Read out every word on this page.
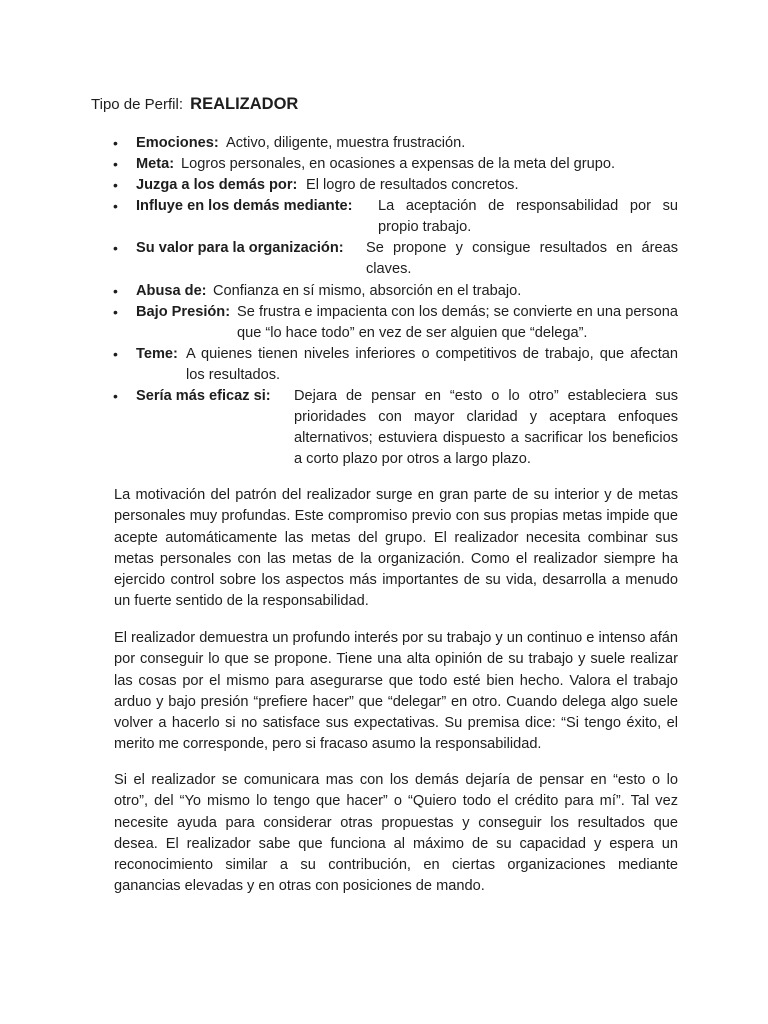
Tipo de Perfil: REALIZADOR
•	Emociones: Activo, diligente, muestra frustración.
•	Meta: Logros personales, en ocasiones a expensas de la meta del grupo.
•	Juzga a los demás por: El logro de resultados concretos.
•	Influye en los demás mediante: La aceptación de responsabilidad por su propio trabajo.
•	Su valor para la organización: Se propone y consigue resultados en áreas claves.
•	Abusa de: Confianza en sí mismo, absorción en el trabajo.
•	Bajo Presión: Se frustra e impacienta con los demás; se convierte en una persona que “lo hace todo” en vez de ser alguien que “delega”.
•	Teme: A quienes tienen niveles inferiores o competitivos de trabajo, que afectan los resultados.
•	Sería más eficaz si: Dejara de pensar en “esto o lo otro” estableciera sus prioridades con mayor claridad y aceptara enfoques alternativos; estuviera dispuesto a sacrificar los beneficios a corto plazo por otros a largo plazo.

La motivación del patrón del realizador surge en gran parte de su interior y de metas personales muy profundas. Este compromiso previo con sus propias metas impide que acepte automáticamente las metas del grupo. El realizador necesita combinar sus metas personales con las metas de la organización. Como el realizador siempre ha ejercido control sobre los aspectos más importantes de su vida, desarrolla a menudo un fuerte sentido de la responsabilidad.

El realizador demuestra un profundo interés por su trabajo y un continuo e intenso afán por conseguir lo que se propone. Tiene una alta opinión de su trabajo y suele realizar las cosas por el mismo para asegurarse que todo esté bien hecho. Valora el trabajo arduo y bajo presión “prefiere hacer” que “delegar” en otro. Cuando delega algo suele volver a hacerlo si no satisface sus expectativas. Su premisa dice: “Si tengo éxito, el merito me corresponde, pero si fracaso asumo la responsabilidad.

Si el realizador se comunicara mas con los demás dejaría de pensar en “esto o lo otro”, del “Yo mismo lo tengo que hacer” o “Quiero todo el crédito para mí”. Tal vez necesite ayuda para considerar otras propuestas y conseguir los resultados que desea. El realizador sabe que funciona al máximo de su capacidad y espera un reconocimiento similar a su contribución, en ciertas organizaciones mediante ganancias elevadas y en otras con posiciones de mando.
